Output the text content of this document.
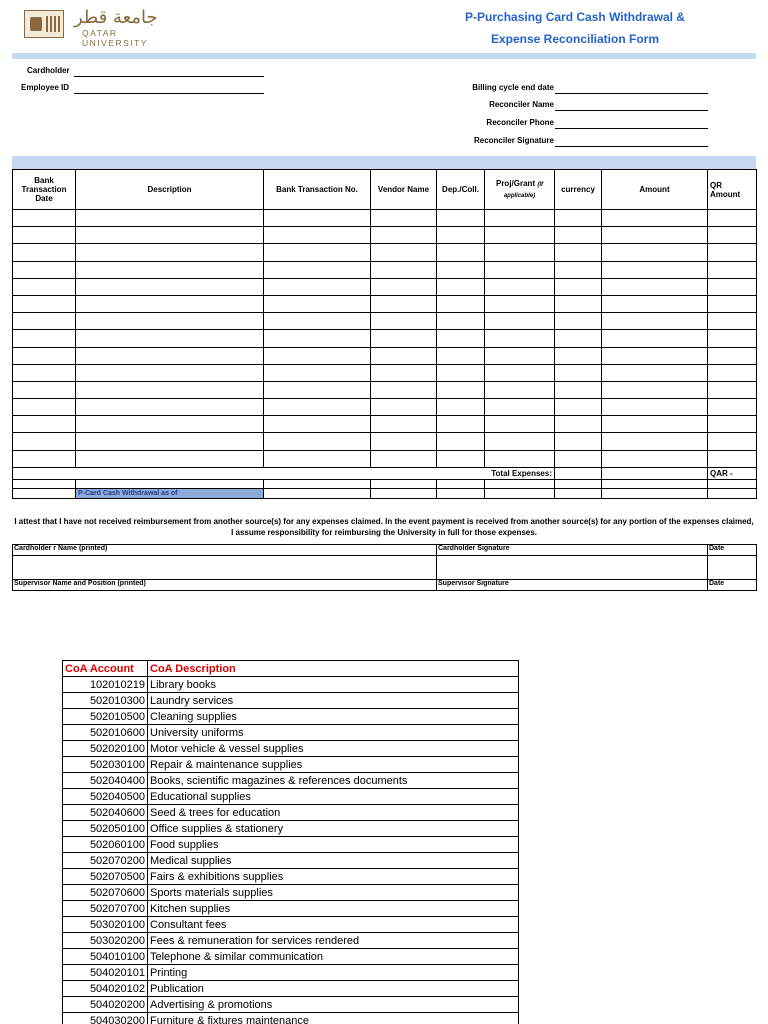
جامعة قطر
QATAR UNIVERSITY
P-Purchasing Card Cash Withdrawal &
Expense Reconciliation Form
Cardholder
Employee ID	Billing cycle end date
Reconciler Name
Reconciler Phone
Reconciler Signature
Bank Transaction Date	Description	Bank Transaction No.	Vendor Name	Dep./Coll.	Proj/Grant (If applicable)	currency	Amount	QR Amount

Total Expenses:								QAR -

	P-Card Cash Withdrawal as of							
I attest that I have not received reimbursement from another source(s) for any expenses claimed. In the event payment is received from another source(s) for any portion of the expenses claimed, I assume responsibility for reimbursing the University in full for those expenses.
Cardholder r Name (printed)	Cardholder Signature	Date

Supervisor Name and Position (printed)	Supervisor Signature	Date
CoA Account	CoA Description
102010219	Library books
502010300	Laundry services
502010500	Cleaning supplies
502010600	University uniforms
502020100	Motor vehicle & vessel supplies
502030100	Repair & maintenance supplies
502040400	Books, scientific magazines & references documents
502040500	Educational supplies
502040600	Seed & trees for education
502050100	Office supplies & stationery
502060100	Food supplies
502070200	Medical supplies
502070500	Fairs & exhibitions supplies
502070600	Sports materials supplies
502070700	Kitchen supplies
503020100	Consultant fees
503020200	Fees & remuneration for services rendered
504010100	Telephone & similar communication
504020101	Printing
504020102	Publication
504020200	Advertising & promotions
504030200	Furniture & fixtures maintenance
